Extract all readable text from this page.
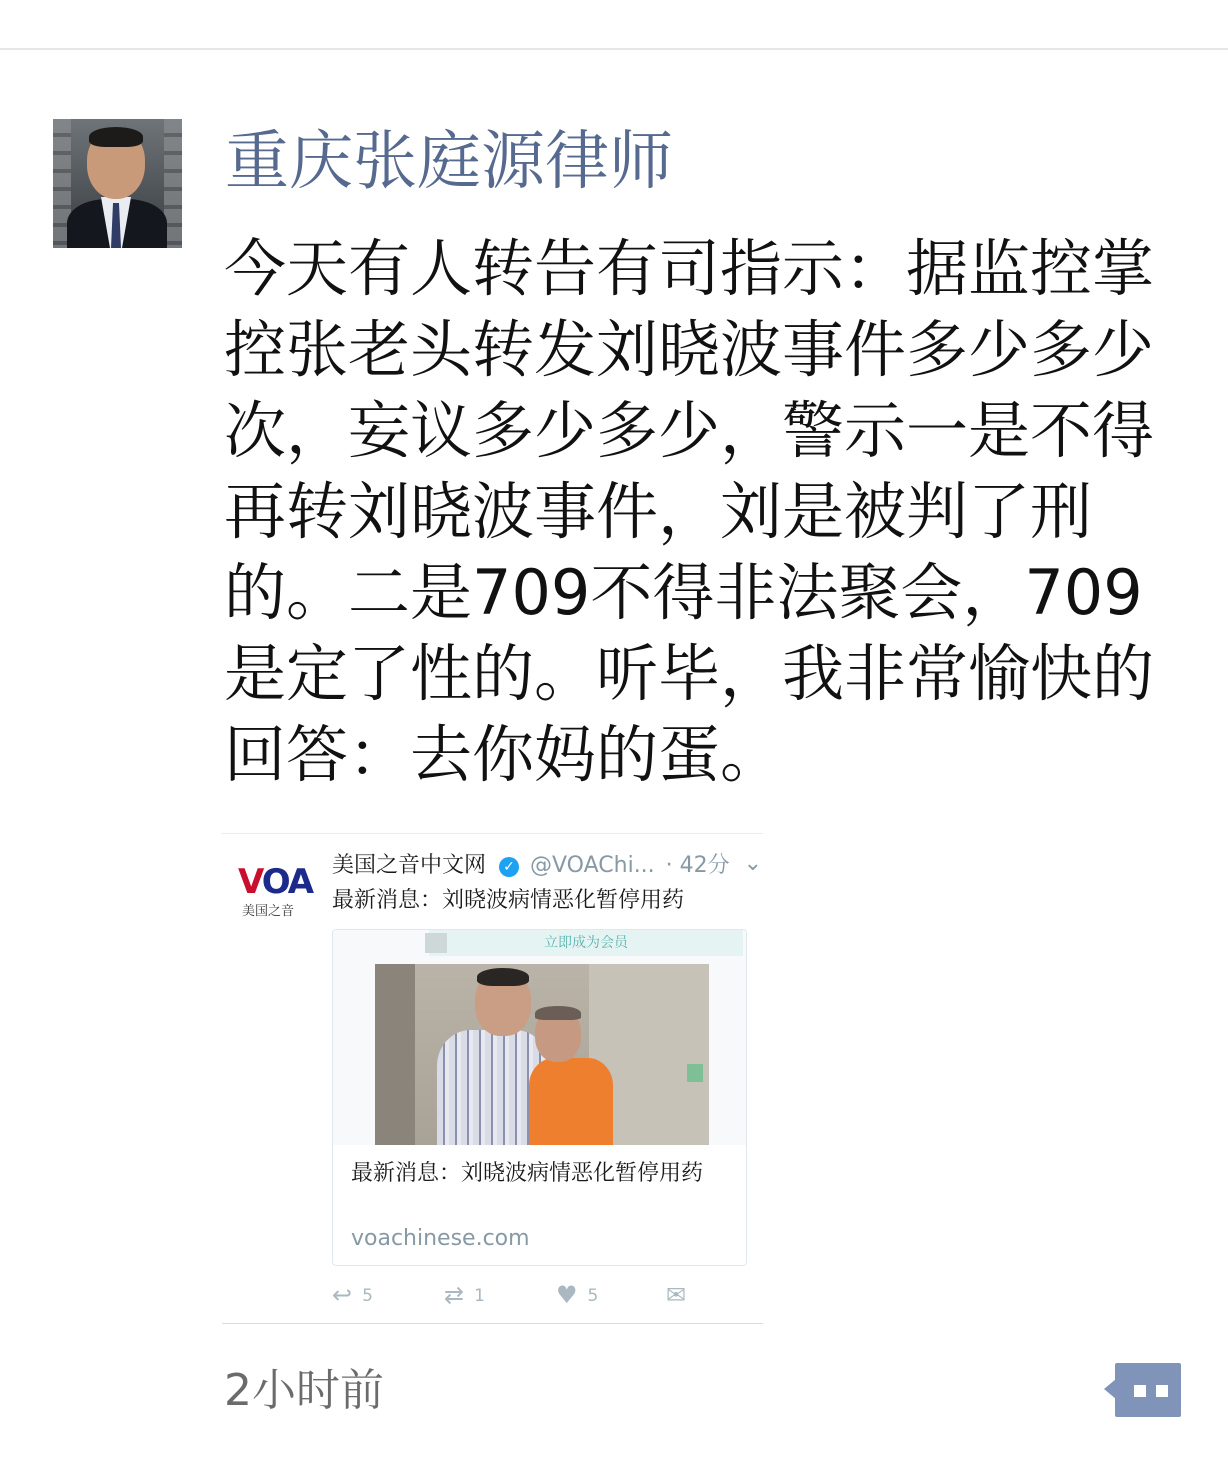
重庆张庭源律师
今天有人转告有司指示：据监控掌控张老头转发刘晓波事件多少多少次，妄议多少多少，警示一是不得再转刘晓波事件，刘是被判了刑的。二是709不得非法聚会，709是定了性的。听毕，我非常愉快的回答：去你妈的蛋。
VOA
美国之音
美国之音中文网 ✓ @VOAChi... · 42分 ⌄
最新消息：刘晓波病情恶化暂停用药
立即成为会员
最新消息：刘晓波病情恶化暂停用药
voachinese.com
↩ 5	⇄ 1	♥ 5	✉
2小时前
